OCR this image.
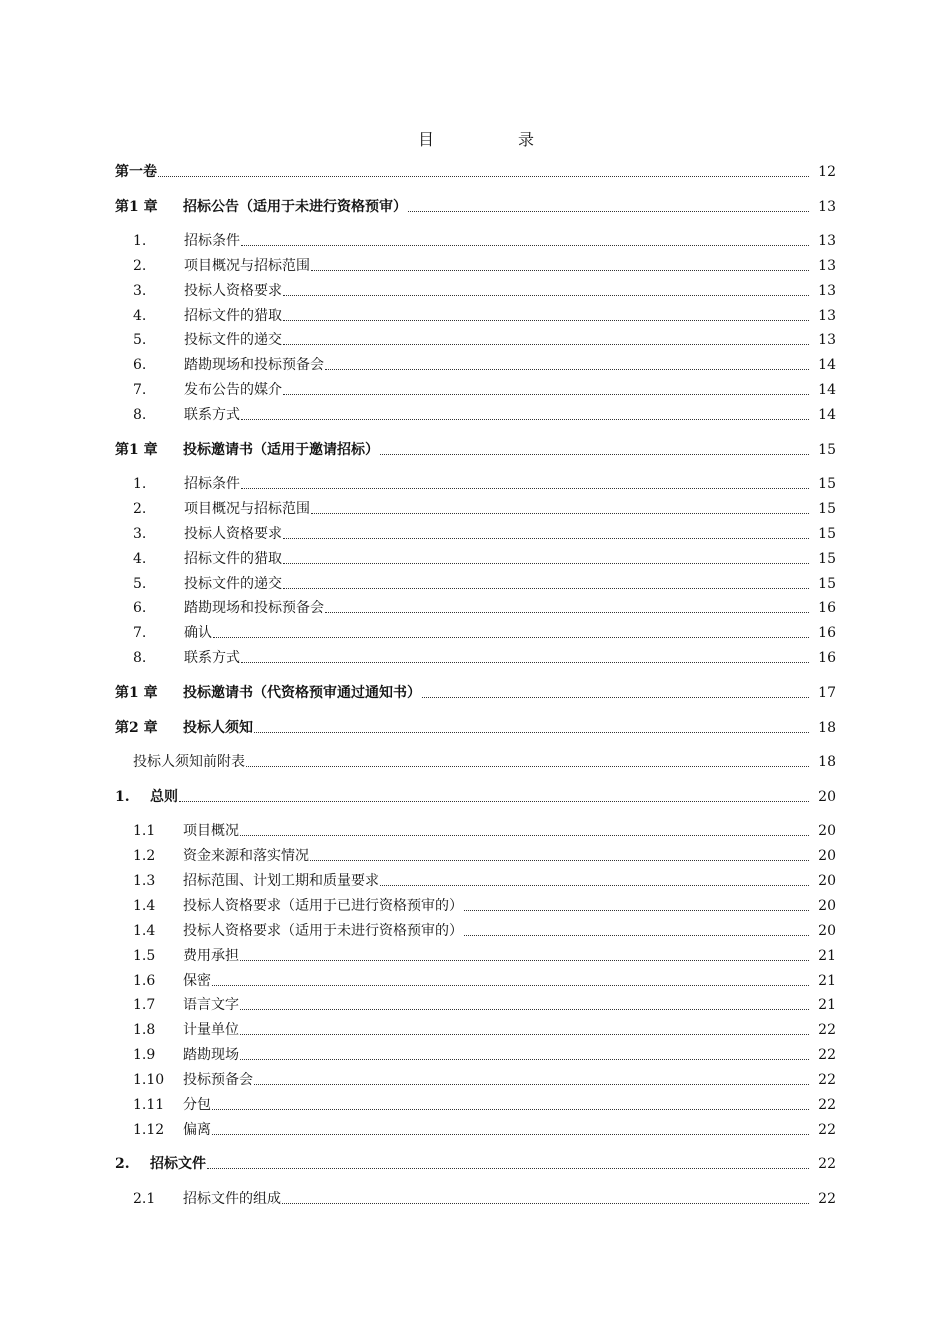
目	录
第一卷	12
第1 章	招标公告（适用于未进行资格预审）	13
1.	招标条件	13
2.	项目概况与招标范围	13
3.	投标人资格要求	13
4.	招标文件的猎取	13
5.	投标文件的递交	13
6.	踏勘现场和投标预备会	14
7.	发布公告的媒介	14
8.	联系方式	14
第1 章	投标邀请书（适用于邀请招标）	15
1.	招标条件	15
2.	项目概况与招标范围	15
3.	投标人资格要求	15
4.	招标文件的猎取	15
5.	投标文件的递交	15
6.	踏勘现场和投标预备会	16
7.	确认	16
8.	联系方式	16
第1 章	投标邀请书（代资格预审通过通知书）	17
第2 章	投标人须知	18
投标人须知前附表	18
1.	总则	20
1.1	项目概况	20
1.2	资金来源和落实情况	20
1.3	招标范围、计划工期和质量要求	20
1.4	投标人资格要求（适用于已进行资格预审的）	20
1.4	投标人资格要求（适用于未进行资格预审的）	20
1.5	费用承担	21
1.6	保密	21
1.7	语言文字	21
1.8	计量单位	22
1.9	踏勘现场	22
1.10	投标预备会	22
1.11	分包	22
1.12	偏离	22
2.	招标文件	22
2.1	招标文件的组成	22
